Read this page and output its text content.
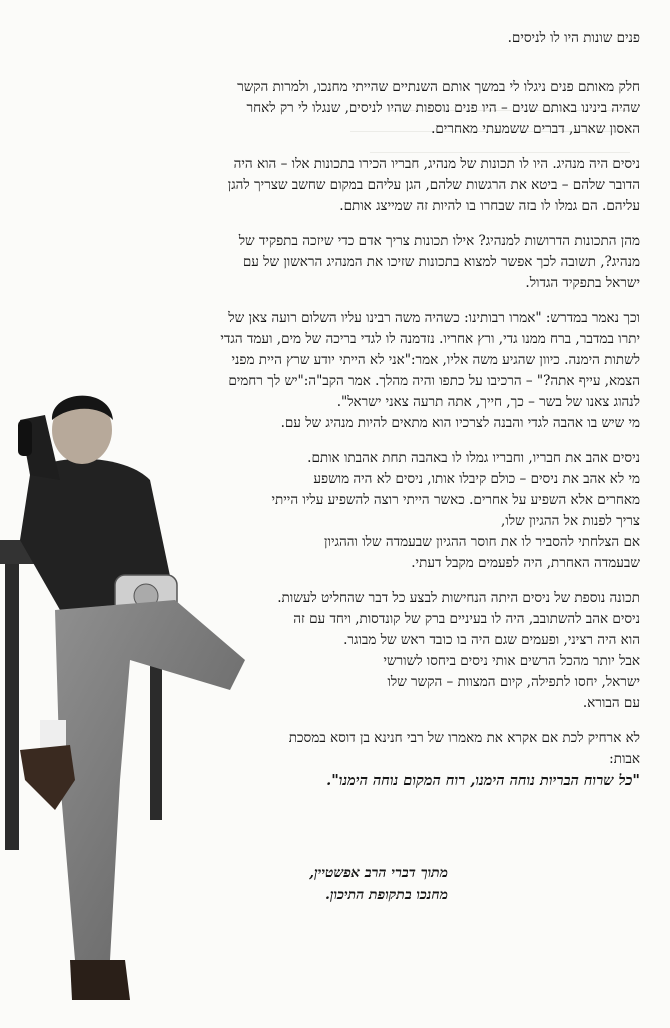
פנים שונות היו לו לניסים.

חלק מאותם פנים ניגלו לי במשך אותם השנתיים שהייתי מחנכו, ולמרות הקשר
שהיה בינינו באותם שנים – היו פנים נוספות שהיו לניסים, שנגלו לי רק לאחר
האסון שארע, דברים ששמעתי מאחרים.

ניסים היה מנהיג. היו לו תכונות של מנהיג, חבריו הכירו בתכונות אלו – הוא היה
הדובר שלהם – ביטא את הרגשות שלהם, הגן עליהם במקום שחשב שצריך להגן
עליהם. הם גמלו לו בזה שבחרו בו להיות זה שמייצג אותם.

מהן התכונות הדרושות למנהיג? אילו תכונות צריך אדם כדי שיזכה בתפקיד של
מנהיג?, תשובה לכך אפשר למצוא בתכונות שזיכו את המנהיג הראשון של עם
ישראל בתפקיד הגדול.

וכך נאמר במדרש: "אמרו רבותינו: כשהיה משה רבינו עליו השלום רועה צאן של
יתרו במדבר, ברח ממנו גדי, ורץ אחריו. נזדמנה לו לגדי בריכה של מים, ועמד הגדי
לשתות הימנה. כיוון שהגיע משה אליו, אמר:"אני לא הייתי יודע שרץ היית מפני
הצמא, עייף אתה?" – הרכיבו על כתפו והיה מהלך. אמר הקב"ה:"יש לך רחמים
לנהוג צאנו של בשר – כך, חייך, אתה תרעה צאני ישראל".
מי שיש בו אהבה לגדי והבנה לצרכיו הוא מתאים להיות מנהיג של עם.

ניסים אהב את חבריו, וחבריו גמלו לו באהבה תחת אהבתו אותם.
מי לא אהב את ניסים – כולם קיבלו אותו, ניסים לא היה מושפע
מאחרים אלא השפיע על אחרים. כאשר הייתי רוצה להשפיע עליו הייתי
צריך לפנות אל ההגיון שלו,
אם הצלחתי להסביר לו את חוסר ההגיון שבעמדה שלו וההגיון
שבעמדה האחרת, היה לפעמים מקבל דעתי.

תכונה נוספת של ניסים היתה הנחישות לבצע כל דבר שהחליט לעשות.
ניסים אהב להשתובב, היה לו בעיניים ברק של קונדסות, ויחד עם זה
הוא היה רציני, ופעמים שגם היה בו כובד ראש של מבוגר.
אבל יותר מהכל הרשים אותי ניסים ביחסו לשורשי
ישראל, יחסו לתפילה, קיום המצוות – הקשר שלו
עם הבורא.

לא ארחיק לכת אם אקרא את מאמרו של רבי חנינא בן דוסא במסכת
אבות:
"כל שרוח הבריות נוחה הימנו, רוח המקום נוחה הימנו".

מתוך דברי הרב אפשטיין,
מחנכו בתקופת התיכון.
